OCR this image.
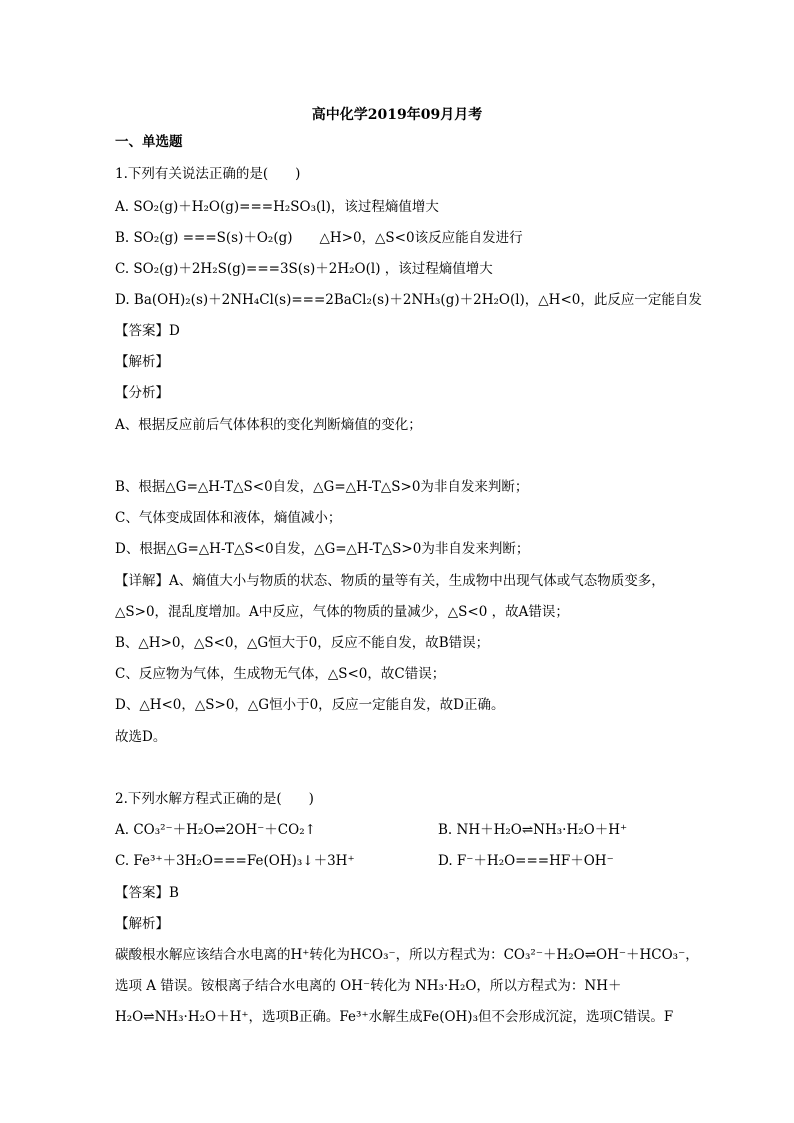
高中化学2019年09月月考
一、单选题
1.下列有关说法正确的是(　　)
A. SO₂(g)＋H₂O(g)===H₂SO₃(l)，该过程熵值增大
B. SO₂(g) ===S(s)＋O₂(g)　　△H>0，△S<0该反应能自发进行
C. SO₂(g)＋2H₂S(g)===3S(s)＋2H₂O(l) ，该过程熵值增大
D. Ba(OH)₂(s)＋2NH₄Cl(s)===2BaCl₂(s)＋2NH₃(g)＋2H₂O(l)，△H<0，此反应一定能自发
【答案】D
【解析】
【分析】
A、根据反应前后气体体积的变化判断熵值的变化；
B、根据△G=△H-T△S<0自发，△G=△H-T△S>0为非自发来判断；
C、气体变成固体和液体，熵值减小；
D、根据△G=△H-T△S<0自发，△G=△H-T△S>0为非自发来判断；
【详解】A、熵值大小与物质的状态、物质的量等有关，生成物中出现气体或气态物质变多，
△S>0，混乱度增加。A中反应，气体的物质的量减少，△S<0 ，故A错误；
B、△H>0，△S<0，△G恒大于0，反应不能自发，故B错误；
C、反应物为气体，生成物无气体，△S<0，故C错误；
D、△H<0，△S>0，△G恒小于0，反应一定能自发，故D正确。
故选D。
2.下列水解方程式正确的是(　　)
A. CO₃²⁻＋H₂O⇌2OH⁻＋CO₂↑	B. NH＋H₂O⇌NH₃·H₂O＋H⁺
C. Fe³⁺＋3H₂O===Fe(OH)₃↓＋3H⁺	D. F⁻＋H₂O===HF＋OH⁻
【答案】B
【解析】
碳酸根水解应该结合水电离的H⁺转化为HCO₃⁻，所以方程式为：CO₃²⁻＋H₂O⇌OH⁻＋HCO₃⁻，
选项 A 错误。铵根离子结合水电离的 OH⁻转化为 NH₃·H₂O，所以方程式为：NH＋
H₂O⇌NH₃·H₂O＋H⁺，选项B正确。Fe³⁺水解生成Fe(OH)₃但不会形成沉淀，选项C错误。F
